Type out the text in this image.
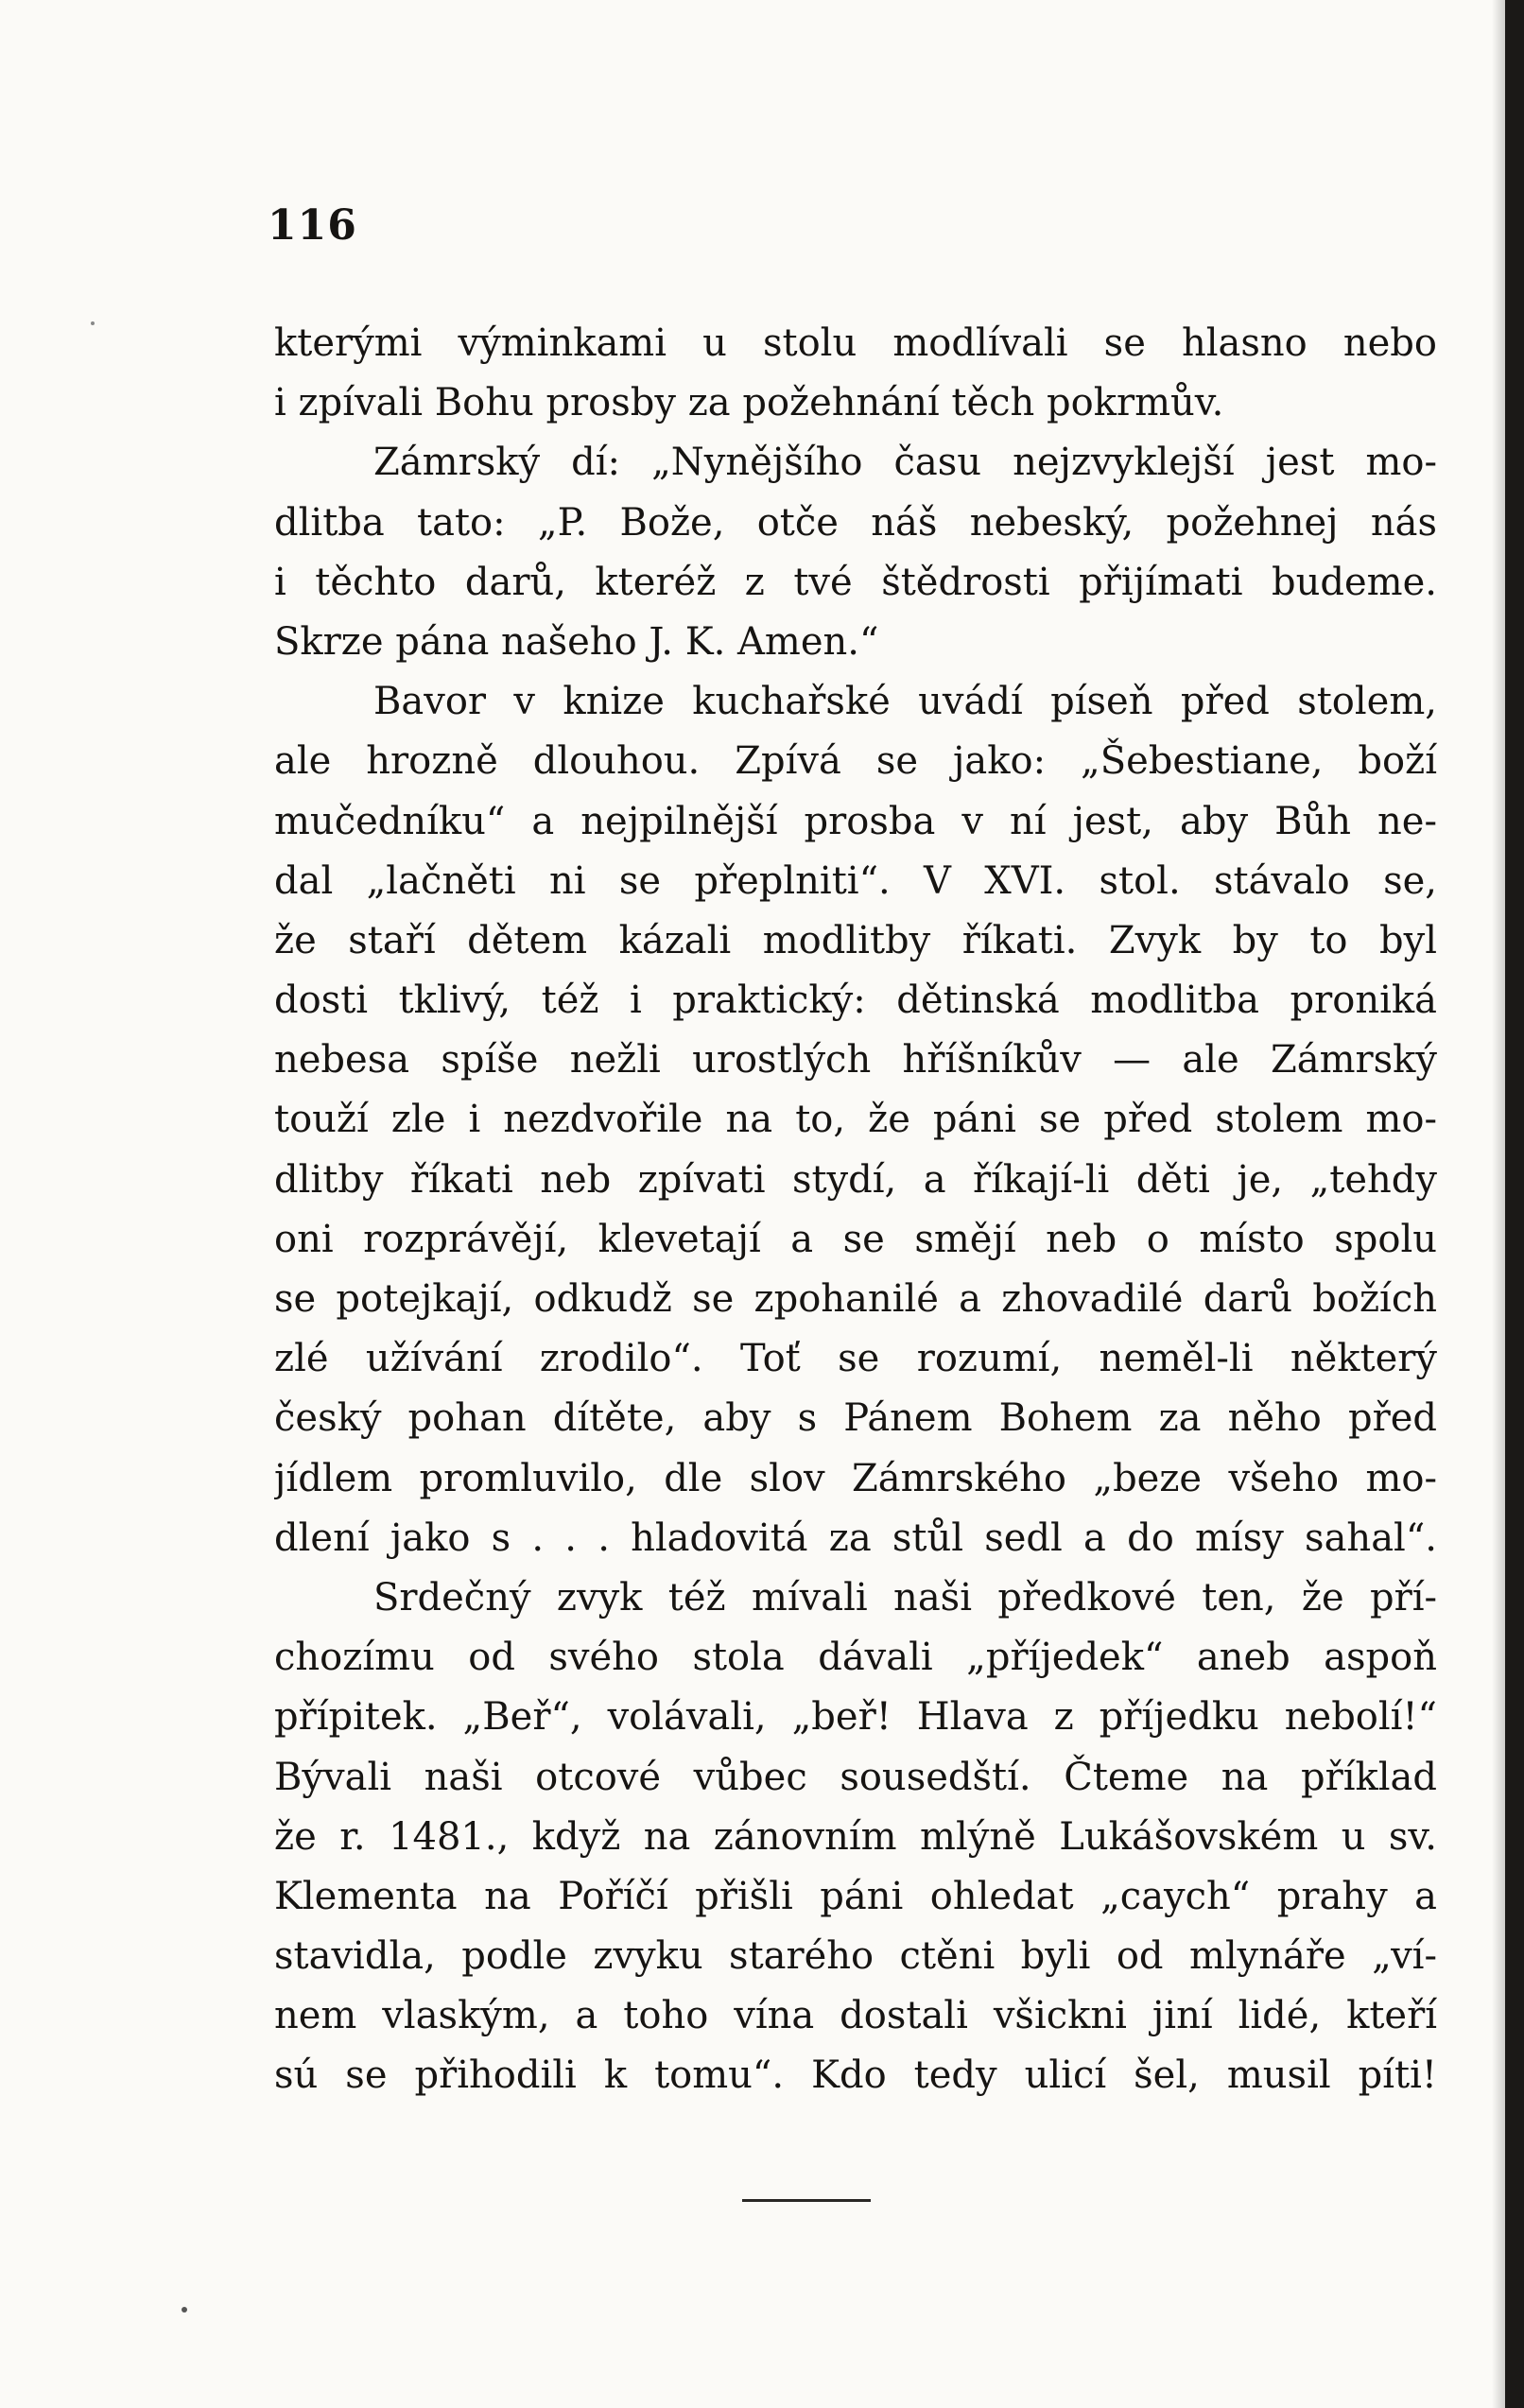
116
kterými výminkami u stolu modlívali se hlasno nebo
i zpívali Bohu prosby za požehnání těch pokrmův.
Zámrský dí: „Nynějšího času nejzvyklejší jest mo-
dlitba tato: „P. Bože, otče náš nebeský, požehnej nás
i těchto darů, kteréž z tvé štědrosti přijímati budeme.
Skrze pána našeho J. K. Amen.“
Bavor v knize kuchařské uvádí píseň před stolem,
ale hrozně dlouhou. Zpívá se jako: „Šebestiane, boží
mučedníku“ a nejpilnější prosba v ní jest, aby Bůh ne-
dal „lačněti ni se přeplniti“. V XVI. stol. stávalo se,
že staří dětem kázali modlitby říkati. Zvyk by to byl
dosti tklivý, též i praktický: dětinská modlitba proniká
nebesa spíše nežli urostlých hříšníkův — ale Zámrský
touží zle i nezdvořile na to, že páni se před stolem mo-
dlitby říkati neb zpívati stydí, a říkají-li děti je, „tehdy
oni rozprávějí, klevetají a se smějí neb o místo spolu
se potejkají, odkudž se zpohanilé a zhovadilé darů božích
zlé užívání zrodilo“. Toť se rozumí, neměl-li některý
český pohan dítěte, aby s Pánem Bohem za něho před
jídlem promluvilo, dle slov Zámrského „beze všeho mo-
dlení jako s . . . hladovitá za stůl sedl a do mísy sahal“.
Srdečný zvyk též mívali naši předkové ten, že pří-
chozímu od svého stola dávali „příjedek“ aneb aspoň
přípitek. „Beř“, volávali, „beř! Hlava z příjedku nebolí!“
Bývali naši otcové vůbec sousedští. Čteme na příklad
že r. 1481., když na zánovním mlýně Lukášovském u sv.
Klementa na Poříčí přišli páni ohledat „caych“ prahy a
stavidla, podle zvyku starého ctěni byli od mlynáře „ví-
nem vlaským, a toho vína dostali všickni jiní lidé, kteří
sú se přihodili k tomu“. Kdo tedy ulicí šel, musil píti!
